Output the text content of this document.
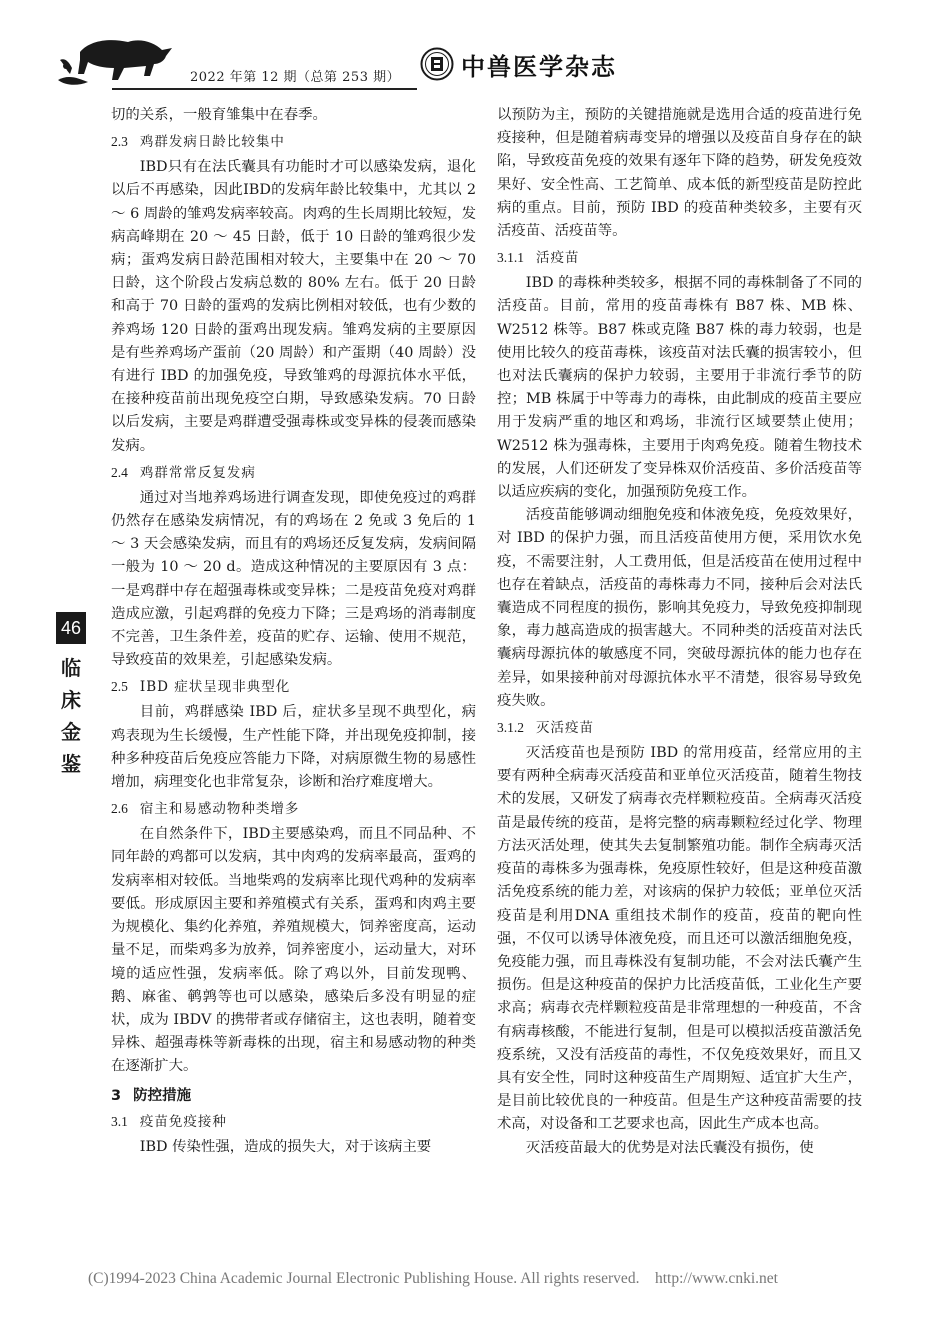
2022 年第 12 期（总第 253 期）	中兽医学杂志
46
临
床
金
鉴

切的关系，一般育雏集中在春季。

2.3 鸡群发病日龄比较集中

IBD只有在法氏囊具有功能时才可以感染发病，退化以后不再感染，因此IBD的发病年龄比较集中，尤其以 2 ～ 6 周龄的雏鸡发病率较高。肉鸡的生长周期比较短，发病高峰期在 20 ～ 45 日龄，低于 10 日龄的雏鸡很少发病；蛋鸡发病日龄范围相对较大，主要集中在 20 ～ 70 日龄，这个阶段占发病总数的 80% 左右。低于 20 日龄和高于 70 日龄的蛋鸡的发病比例相对较低，也有少数的养鸡场 120 日龄的蛋鸡出现发病。雏鸡发病的主要原因是有些养鸡场产蛋前（20 周龄）和产蛋期（40 周龄）没有进行 IBD 的加强免疫，导致雏鸡的母源抗体水平低，在接种疫苗前出现免疫空白期，导致感染发病。70 日龄以后发病，主要是鸡群遭受强毒株或变异株的侵袭而感染发病。

2.4 鸡群常常反复发病

通过对当地养鸡场进行调查发现，即使免疫过的鸡群仍然存在感染发病情况，有的鸡场在 2 免或 3 免后的 1 ～ 3 天会感染发病，而且有的鸡场还反复发病，发病间隔一般为 10 ～ 20 d。造成这种情况的主要原因有 3 点：一是鸡群中存在超强毒株或变异株；二是疫苗免疫对鸡群造成应激，引起鸡群的免疫力下降；三是鸡场的消毒制度不完善，卫生条件差，疫苗的贮存、运输、使用不规范，导致疫苗的效果差，引起感染发病。

2.5 IBD 症状呈现非典型化

目前，鸡群感染 IBD 后，症状多呈现不典型化，病鸡表现为生长缓慢，生产性能下降，并出现免疫抑制，接种多种疫苗后免疫应答能力下降，对病原微生物的易感性增加，病理变化也非常复杂，诊断和治疗难度增大。

2.6 宿主和易感动物种类增多

在自然条件下，IBD主要感染鸡，而且不同品种、不同年龄的鸡都可以发病，其中肉鸡的发病率最高，蛋鸡的发病率相对较低。当地柴鸡的发病率比现代鸡种的发病率要低。形成原因主要和养殖模式有关系，蛋鸡和肉鸡主要为规模化、集约化养殖，养殖规模大，饲养密度高，运动量不足，而柴鸡多为放养，饲养密度小，运动量大，对环境的适应性强，发病率低。除了鸡以外，目前发现鸭、鹅、麻雀、鹌鹑等也可以感染，感染后多没有明显的症状，成为 IBDV 的携带者或存储宿主，这也表明，随着变异株、超强毒株等新毒株的出现，宿主和易感动物的种类在逐渐扩大。

3 防控措施
3.1 疫苗免疫接种

IBD 传染性强，造成的损失大，对于该病主要

以预防为主，预防的关键措施就是选用合适的疫苗进行免疫接种，但是随着病毒变异的增强以及疫苗自身存在的缺陷，导致疫苗免疫的效果有逐年下降的趋势，研发免疫效果好、安全性高、工艺简单、成本低的新型疫苗是防控此病的重点。目前，预防 IBD 的疫苗种类较多，主要有灭活疫苗、活疫苗等。

3.1.1 活疫苗

IBD 的毒株种类较多，根据不同的毒株制备了不同的活疫苗。目前，常用的疫苗毒株有 B87 株、MB 株、W2512 株等。B87 株或克隆 B87 株的毒力较弱，也是使用比较久的疫苗毒株，该疫苗对法氏囊的损害较小，但也对法氏囊病的保护力较弱，主要用于非流行季节的防控；MB 株属于中等毒力的毒株，由此制成的疫苗主要应用于发病严重的地区和鸡场，非流行区域要禁止使用；W2512 株为强毒株，主要用于肉鸡免疫。随着生物技术的发展，人们还研发了变异株双价活疫苗、多价活疫苗等以适应疾病的变化，加强预防免疫工作。

活疫苗能够调动细胞免疫和体液免疫，免疫效果好，对 IBD 的保护力强，而且活疫苗使用方便，采用饮水免疫，不需要注射，人工费用低，但是活疫苗在使用过程中也存在着缺点，活疫苗的毒株毒力不同，接种后会对法氏囊造成不同程度的损伤，影响其免疫力，导致免疫抑制现象，毒力越高造成的损害越大。不同种类的活疫苗对法氏囊病母源抗体的敏感度不同，突破母源抗体的能力也存在差异，如果接种前对母源抗体水平不清楚，很容易导致免疫失败。

3.1.2 灭活疫苗

灭活疫苗也是预防 IBD 的常用疫苗，经常应用的主要有两种全病毒灭活疫苗和亚单位灭活疫苗，随着生物技术的发展，又研发了病毒衣壳样颗粒疫苗。全病毒灭活疫苗是最传统的疫苗，是将完整的病毒颗粒经过化学、物理方法灭活处理，使其失去复制繁殖功能。制作全病毒灭活疫苗的毒株多为强毒株，免疫原性较好，但是这种疫苗激活免疫系统的能力差，对该病的保护力较低；亚单位灭活疫苗是利用DNA 重组技术制作的疫苗，疫苗的靶向性强，不仅可以诱导体液免疫，而且还可以激活细胞免疫，免疫能力强，而且毒株没有复制功能，不会对法氏囊产生损伤。但是这种疫苗的保护力比活疫苗低，工业化生产要求高；病毒衣壳样颗粒疫苗是非常理想的一种疫苗，不含有病毒核酸，不能进行复制，但是可以模拟活疫苗激活免疫系统，又没有活疫苗的毒性，不仅免疫效果好，而且又具有安全性，同时这种疫苗生产周期短、适宜扩大生产，是目前比较优良的一种疫苗。但是生产这种疫苗需要的技术高，对设备和工艺要求也高，因此生产成本也高。

灭活疫苗最大的优势是对法氏囊没有损伤，使

(C)1994-2023 China Academic Journal Electronic Publishing House. All rights reserved. http://www.cnki.net
